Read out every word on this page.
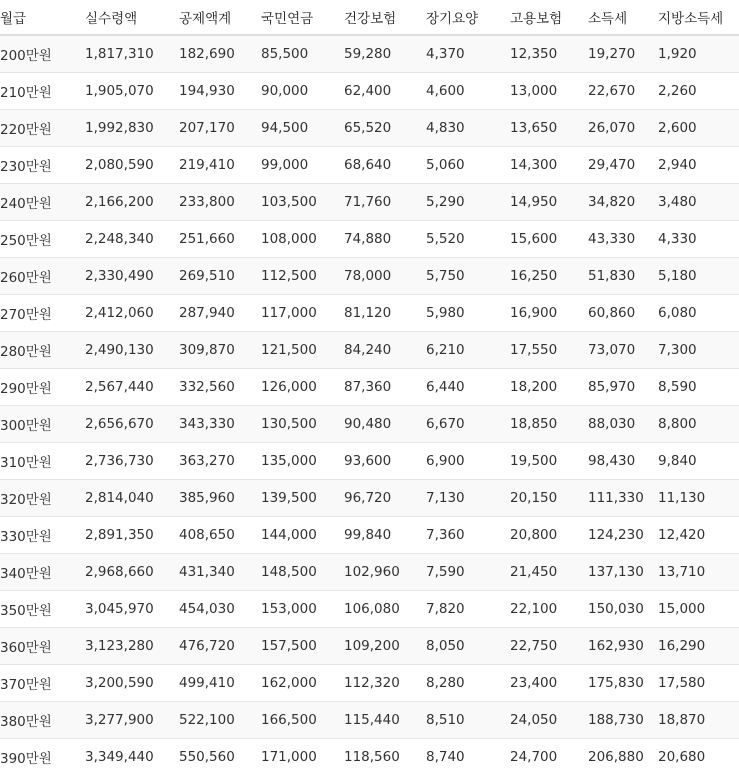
월급	실수령액	공제액계	국민연금	건강보험	장기요양	고용보험	소득세	지방소득세
200만원	1,817,310	182,690	85,500	59,280	4,370	12,350	19,270	1,920
210만원	1,905,070	194,930	90,000	62,400	4,600	13,000	22,670	2,260
220만원	1,992,830	207,170	94,500	65,520	4,830	13,650	26,070	2,600
230만원	2,080,590	219,410	99,000	68,640	5,060	14,300	29,470	2,940
240만원	2,166,200	233,800	103,500	71,760	5,290	14,950	34,820	3,480
250만원	2,248,340	251,660	108,000	74,880	5,520	15,600	43,330	4,330
260만원	2,330,490	269,510	112,500	78,000	5,750	16,250	51,830	5,180
270만원	2,412,060	287,940	117,000	81,120	5,980	16,900	60,860	6,080
280만원	2,490,130	309,870	121,500	84,240	6,210	17,550	73,070	7,300
290만원	2,567,440	332,560	126,000	87,360	6,440	18,200	85,970	8,590
300만원	2,656,670	343,330	130,500	90,480	6,670	18,850	88,030	8,800
310만원	2,736,730	363,270	135,000	93,600	6,900	19,500	98,430	9,840
320만원	2,814,040	385,960	139,500	96,720	7,130	20,150	111,330	11,130
330만원	2,891,350	408,650	144,000	99,840	7,360	20,800	124,230	12,420
340만원	2,968,660	431,340	148,500	102,960	7,590	21,450	137,130	13,710
350만원	3,045,970	454,030	153,000	106,080	7,820	22,100	150,030	15,000
360만원	3,123,280	476,720	157,500	109,200	8,050	22,750	162,930	16,290
370만원	3,200,590	499,410	162,000	112,320	8,280	23,400	175,830	17,580
380만원	3,277,900	522,100	166,500	115,440	8,510	24,050	188,730	18,870
390만원	3,349,440	550,560	171,000	118,560	8,740	24,700	206,880	20,680
